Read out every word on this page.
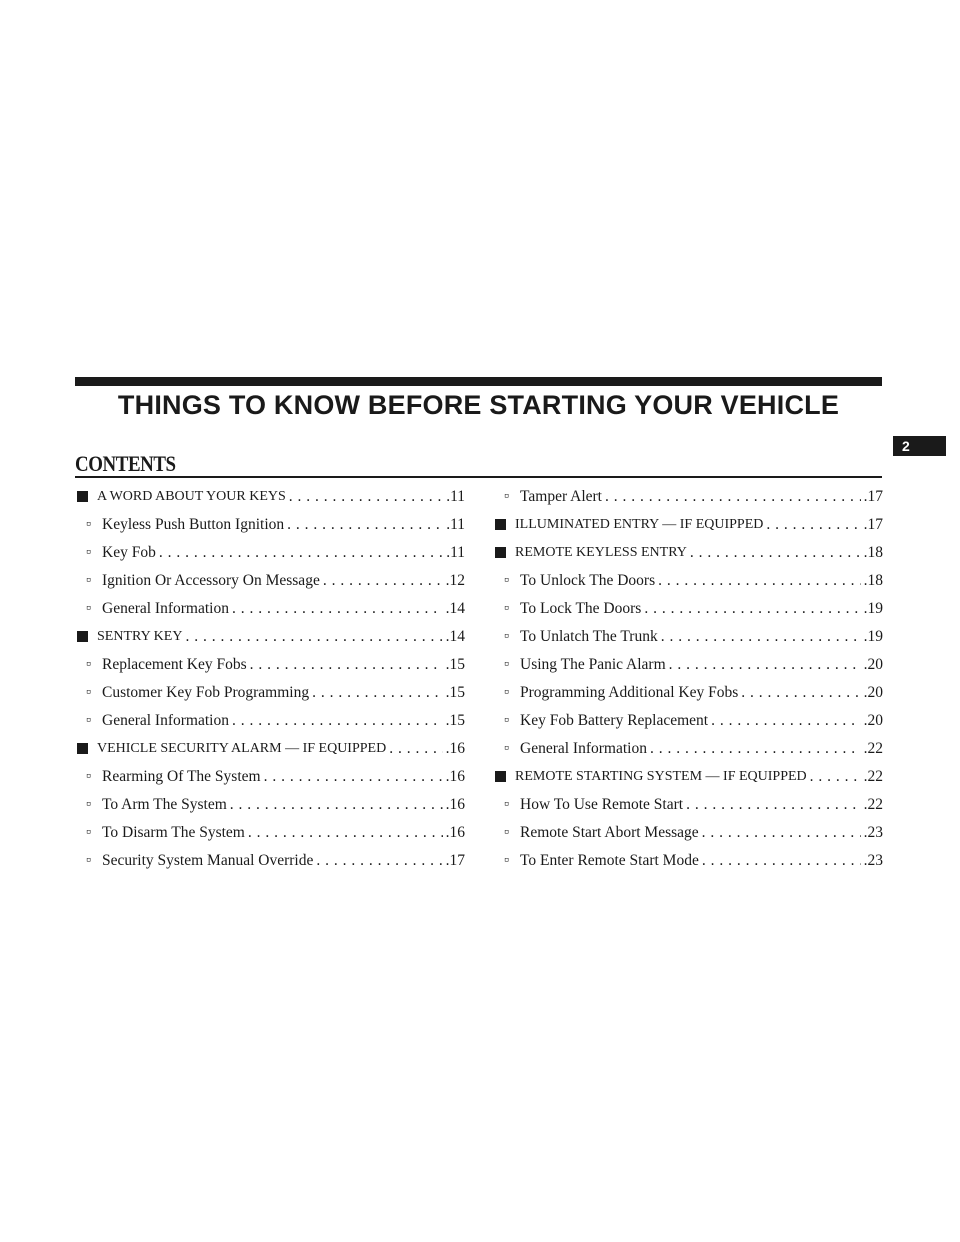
THINGS TO KNOW BEFORE STARTING YOUR VEHICLE
2
CONTENTS
A WORD ABOUT YOUR KEYS . . .	.11
▫ Keyless Push Button Ignition . . .	.11
▫ Key Fob . . .	.11
▫ Ignition Or Accessory On Message . . .	.12
▫ General Information . . .	.14
SENTRY KEY . . .	.14
▫ Replacement Key Fobs . . .	.15
▫ Customer Key Fob Programming . . .	.15
▫ General Information . . .	.15
VEHICLE SECURITY ALARM — IF EQUIPPED . . .	.16
▫ Rearming Of The System . . .	.16
▫ To Arm The System . . .	.16
▫ To Disarm The System . . .	.16
▫ Security System Manual Override . . .	.17
▫ Tamper Alert . . .	.17
ILLUMINATED ENTRY — IF EQUIPPED . . .	.17
REMOTE KEYLESS ENTRY . . .	.18
▫ To Unlock The Doors . . .	.18
▫ To Lock The Doors . . .	.19
▫ To Unlatch The Trunk . . .	.19
▫ Using The Panic Alarm . . .	.20
▫ Programming Additional Key Fobs . . .	.20
▫ Key Fob Battery Replacement . . .	.20
▫ General Information . . .	.22
REMOTE STARTING SYSTEM — IF EQUIPPED . . .	.22
▫ How To Use Remote Start . . .	.22
▫ Remote Start Abort Message . . .	.23
▫ To Enter Remote Start Mode . . .	.23
